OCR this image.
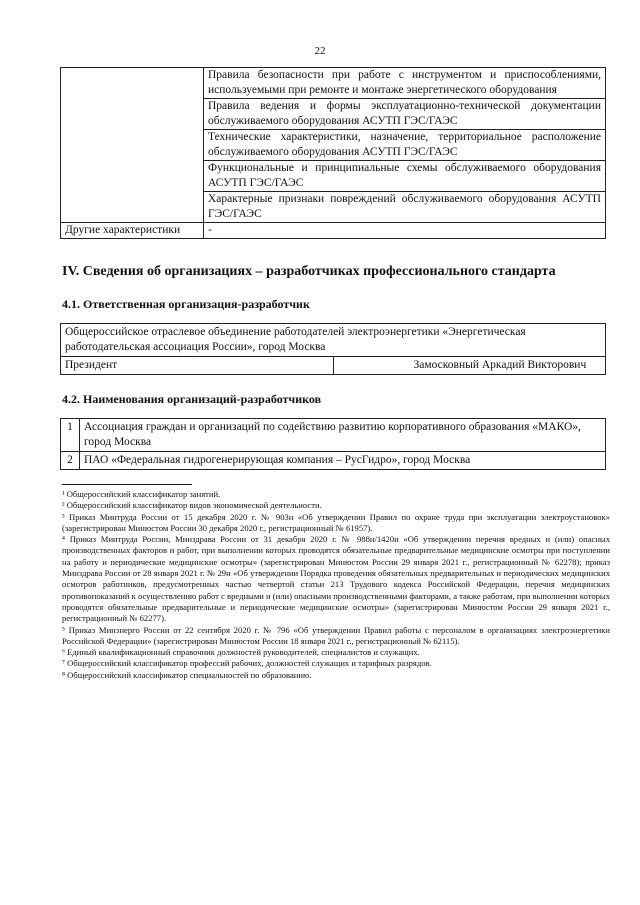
22
	Правила безопасности при работе с инструментом и приспособлениями, используемыми при ремонте и монтаже энергетического оборудования
	Правила ведения и формы эксплуатационно-технической документации обслуживаемого оборудования АСУТП ГЭС/ГАЭС
	Технические характеристики, назначение, территориальное расположение обслуживаемого оборудования АСУТП ГЭС/ГАЭС
	Функциональные и принципиальные схемы обслуживаемого оборудования АСУТП ГЭС/ГАЭС
	Характерные признаки повреждений обслуживаемого оборудования АСУТП ГЭС/ГАЭС
Другие характеристики	-
IV. Сведения об организациях – разработчиках профессионального стандарта
4.1. Ответственная организация-разработчик
Общероссийское отраслевое объединение работодателей электроэнергетики «Энергетическая работодательская ассоциация России», город Москва
Президент	Замосковный Аркадий Викторович
4.2. Наименования организаций-разработчиков
1	Ассоциация граждан и организаций по содействию развитию корпоративного образования «МАКО», город Москва
2	ПАО «Федеральная гидрогенерирующая компания – РусГидро», город Москва

¹ Общероссийский классификатор занятий.

² Общероссийский классификатор видов экономической деятельности.

³ Приказ Минтруда России от 15 декабря 2020 г. № 903н «Об утверждении Правил по охране труда при эксплуатации электроустановок» (зарегистрирован Минюстом России 30 декабря 2020 г., регистрационный № 61957).

⁴ Приказ Минтруда России, Минздрава России от 31 декабря 2020 г. № 988н/1420н «Об утверждении перечня вредных и (или) опасных производственных факторов и работ, при выполнении которых проводятся обязательные предварительные медицинские осмотры при поступлении на работу и периодические медицинские осмотры» (зарегистрирован Минюстом России 29 января 2021 г., регистрационный № 62278); приказ Минздрава России от 28 января 2021 г. № 29н «Об утверждении Порядка проведения обязательных предварительных и периодических медицинских осмотров работников, предусмотренных частью четвертой статьи 213 Трудового кодекса Российской Федерации, перечня медицинских противопоказаний к осуществлению работ с вредными и (или) опасными производственными факторами, а также работам, при выполнении которых проводятся обязательные предварительные и периодические медицинские осмотры» (зарегистрирован Минюстом России 29 января 2021 г., регистрационный № 62277).

⁵ Приказ Минэнерго России от 22 сентября 2020 г. № 796 «Об утверждении Правил работы с персоналом в организациях электроэнергетики Российской Федерации» (зарегистрирован Минюстом России 18 января 2021 г., регистрационный № 62115).

⁶ Единый квалификационный справочник должностей руководителей, специалистов и служащих.

⁷ Общероссийский классификатор профессий рабочих, должностей служащих и тарифных разрядов.

⁸ Общероссийский классификатор специальностей по образованию.
